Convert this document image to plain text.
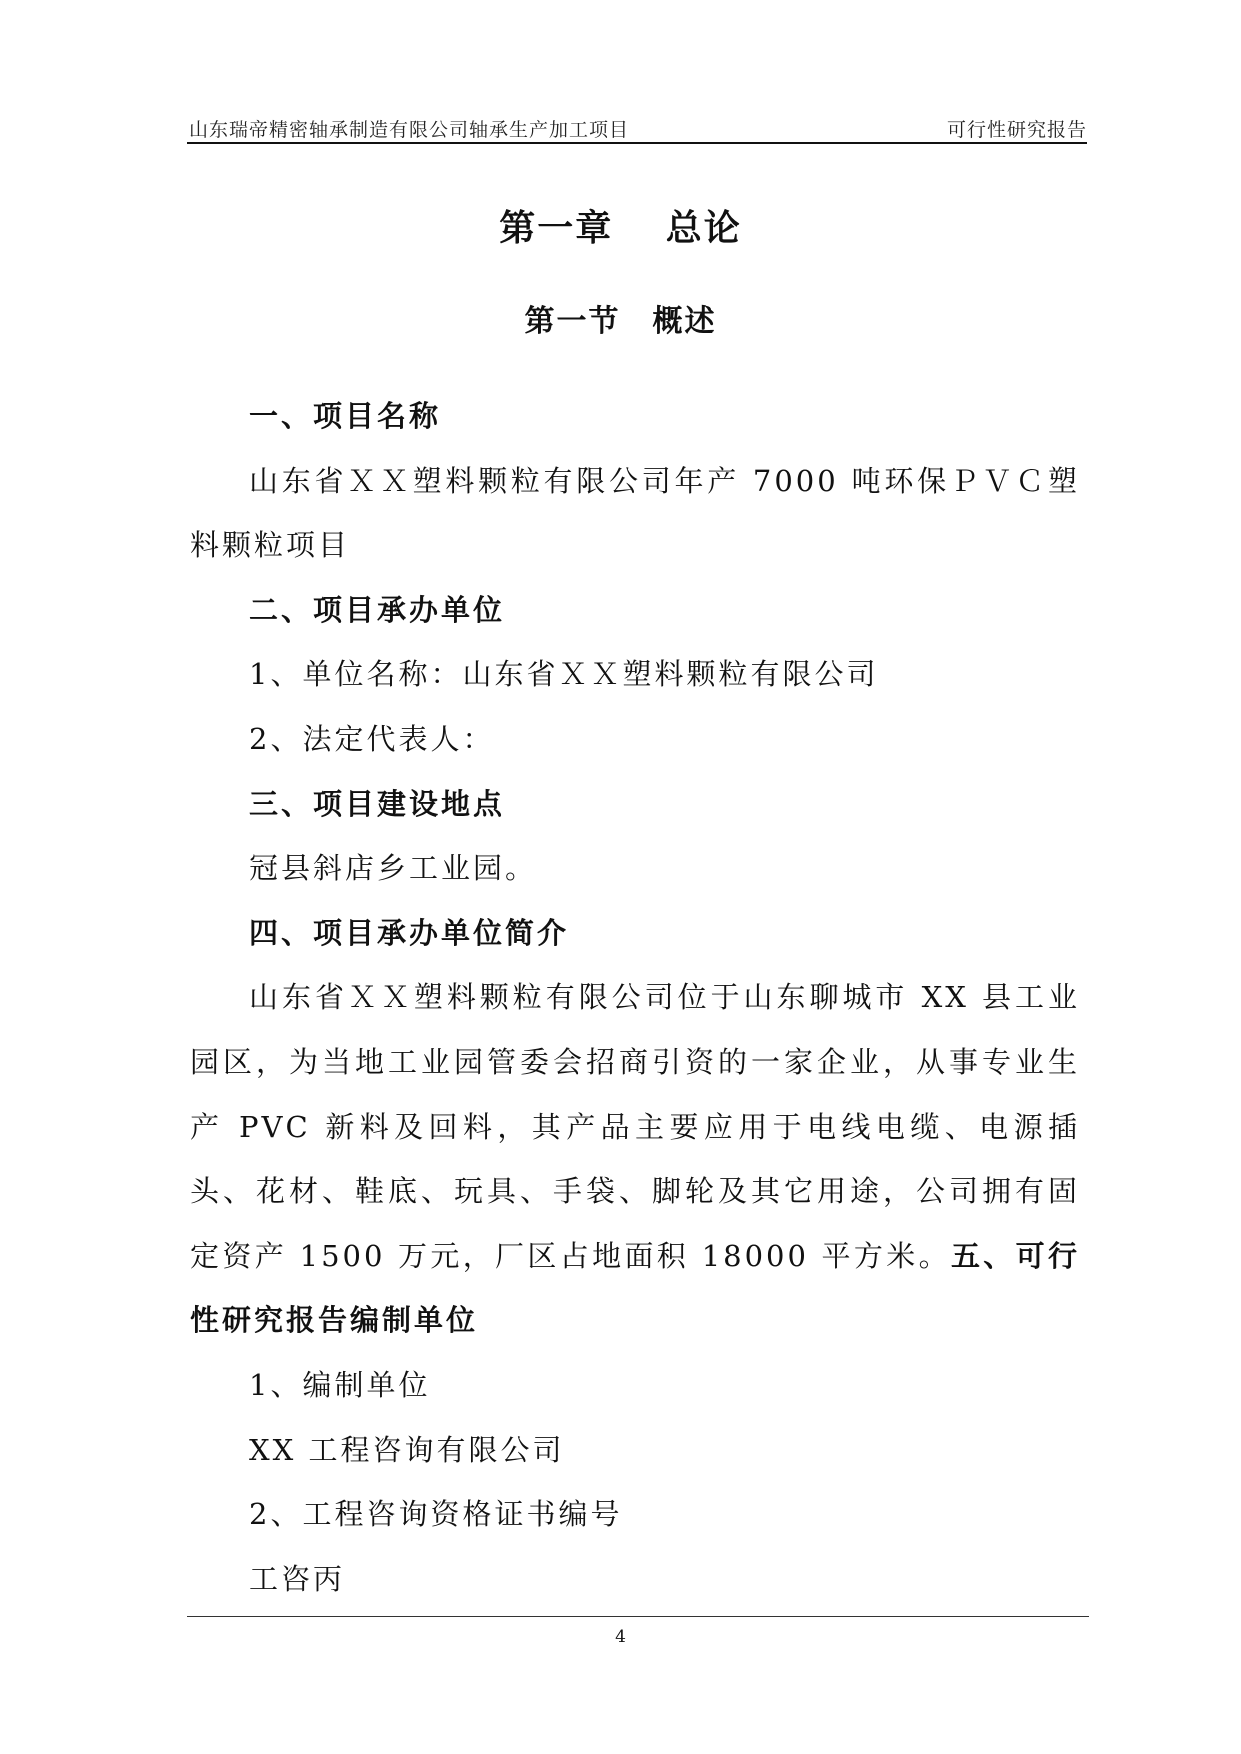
山东瑞帝精密轴承制造有限公司轴承生产加工项目	可行性研究报告
第一章　 总论
第一节　概述

一、项目名称

山东省ＸＸ塑料颗粒有限公司年产 7000 吨环保ＰＶＣ塑料颗粒项目

二、项目承办单位

1、单位名称：山东省ＸＸ塑料颗粒有限公司

2、法定代表人：

三、项目建设地点

冠县斜店乡工业园。

四、项目承办单位简介

山东省ＸＸ塑料颗粒有限公司位于山东聊城市 XX 县工业园区，为当地工业园管委会招商引资的一家企业，从事专业生产 PVC 新料及回料，其产品主要应用于电线电缆、电源插头、花材、鞋底、玩具、手袋、脚轮及其它用途，公司拥有固定资产 1500 万元，厂区占地面积 18000 平方米。五、可行性研究报告编制单位

1、编制单位

XX 工程咨询有限公司

2、工程咨询资格证书编号

工咨丙

4
